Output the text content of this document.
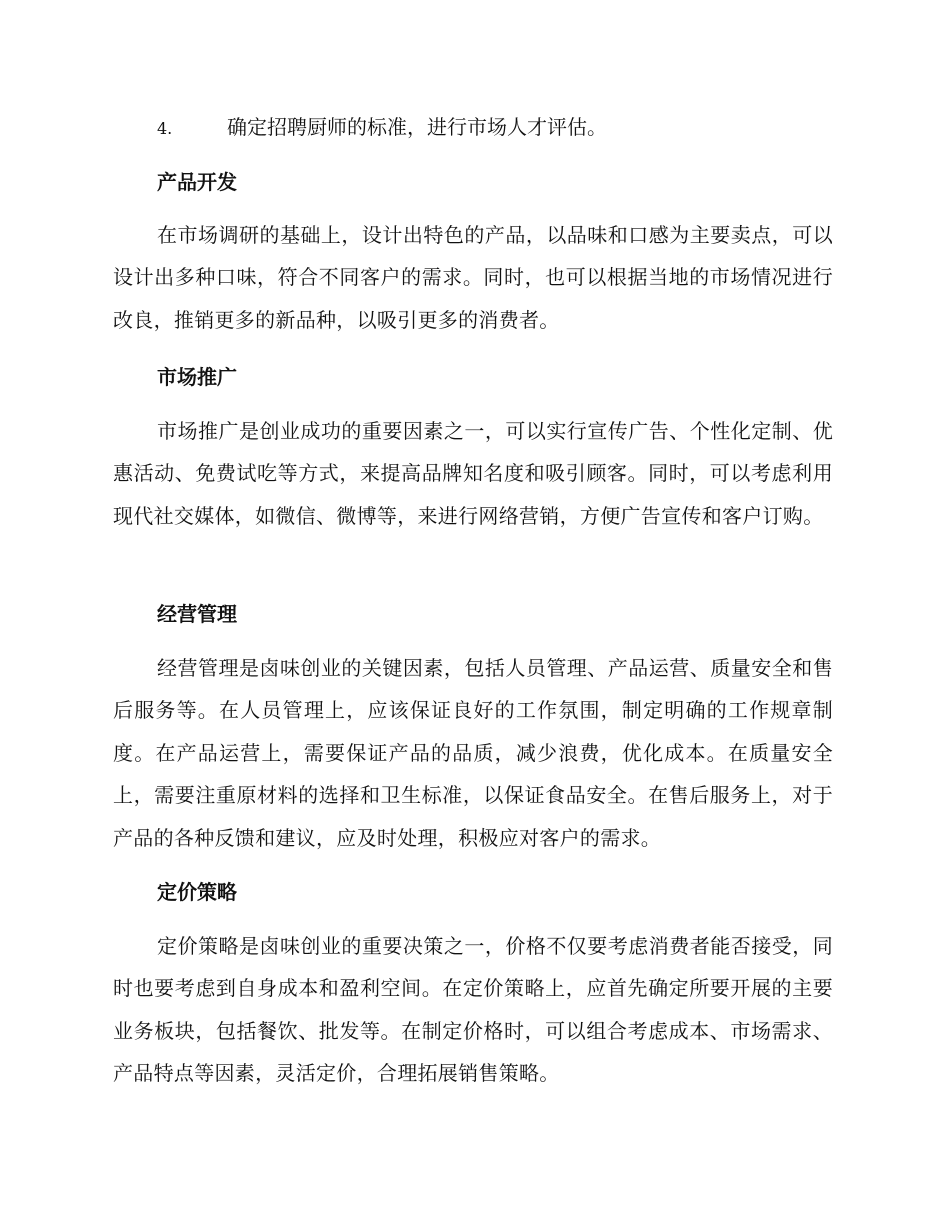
4.	确定招聘厨师的标准，进行市场人才评估。
产品开发
在市场调研的基础上，设计出特色的产品，以品味和口感为主要卖点，可以设计出多种口味，符合不同客户的需求。同时，也可以根据当地的市场情况进行改良，推销更多的新品种，以吸引更多的消费者。
市场推广
市场推广是创业成功的重要因素之一，可以实行宣传广告、个性化定制、优惠活动、免费试吃等方式，来提高品牌知名度和吸引顾客。同时，可以考虑利用现代社交媒体，如微信、微博等，来进行网络营销，方便广告宣传和客户订购。
经营管理
经营管理是卤味创业的关键因素，包括人员管理、产品运营、质量安全和售后服务等。在人员管理上，应该保证良好的工作氛围，制定明确的工作规章制度。在产品运营上，需要保证产品的品质，减少浪费，优化成本。在质量安全上，需要注重原材料的选择和卫生标准，以保证食品安全。在售后服务上，对于产品的各种反馈和建议，应及时处理，积极应对客户的需求。
定价策略
定价策略是卤味创业的重要决策之一，价格不仅要考虑消费者能否接受，同时也要考虑到自身成本和盈利空间。在定价策略上，应首先确定所要开展的主要业务板块，包括餐饮、批发等。在制定价格时，可以组合考虑成本、市场需求、产品特点等因素，灵活定价，合理拓展销售策略。
